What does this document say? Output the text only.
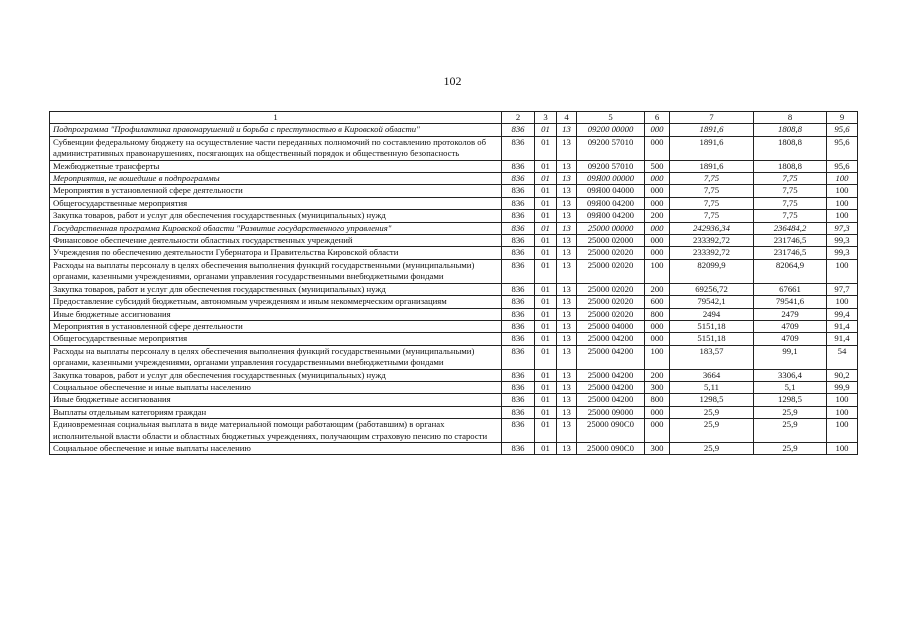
102
1	2	3	4	5	6	7	8	9
Подпрограмма "Профилактика правонарушений и борьба с преступностью в Кировской области"	836	01	13	09200 00000	000	1891,6	1808,8	95,6
Субвенции федеральному бюджету на осуществление части переданных полномочий по составлению протоколов об административных правонарушениях, посягающих на общественный порядок и общественную безопасность	836	01	13	09200 57010	000	1891,6	1808,8	95,6
Межбюджетные трансферты	836	01	13	09200 57010	500	1891,6	1808,8	95,6
Мероприятия, не вошедшие в подпрограммы	836	01	13	09Я00 00000	000	7,75	7,75	100
Мероприятия в установленной сфере деятельности	836	01	13	09Я00 04000	000	7,75	7,75	100
Общегосударственные мероприятия	836	01	13	09Я00 04200	000	7,75	7,75	100
Закупка товаров, работ и услуг для обеспечения государственных (муниципальных) нужд	836	01	13	09Я00 04200	200	7,75	7,75	100
Государственная программа Кировской области "Развитие государственного управления"	836	01	13	25000 00000	000	242936,34	236484,2	97,3
Финансовое обеспечение деятельности областных государственных учреждений	836	01	13	25000 02000	000	233392,72	231746,5	99,3
Учреждения по обеспечению деятельности Губернатора и Правительства Кировской области	836	01	13	25000 02020	000	233392,72	231746,5	99,3
Расходы на выплаты персоналу в целях обеспечения выполнения функций государственными (муниципальными) органами, казенными учреждениями, органами управления государственными внебюджетными фондами	836	01	13	25000 02020	100	82099,9	82064,9	100
Закупка товаров, работ и услуг для обеспечения государственных (муниципальных) нужд	836	01	13	25000 02020	200	69256,72	67661	97,7
Предоставление субсидий бюджетным, автономным учреждениям и иным некоммерческим организациям	836	01	13	25000 02020	600	79542,1	79541,6	100
Иные бюджетные ассигнования	836	01	13	25000 02020	800	2494	2479	99,4
Мероприятия в установленной сфере деятельности	836	01	13	25000 04000	000	5151,18	4709	91,4
Общегосударственные мероприятия	836	01	13	25000 04200	000	5151,18	4709	91,4
Расходы на выплаты персоналу в целях обеспечения выполнения функций государственными (муниципальными) органами, казенными учреждениями, органами управления государственными внебюджетными фондами	836	01	13	25000 04200	100	183,57	99,1	54
Закупка товаров, работ и услуг для обеспечения государственных (муниципальных) нужд	836	01	13	25000 04200	200	3664	3306,4	90,2
Социальное обеспечение и иные выплаты населению	836	01	13	25000 04200	300	5,11	5,1	99,9
Иные бюджетные ассигнования	836	01	13	25000 04200	800	1298,5	1298,5	100
Выплаты отдельным категориям граждан	836	01	13	25000 09000	000	25,9	25,9	100
Единовременная социальная выплата в виде материальной помощи работающим (работавшим) в органах исполнительной власти области и областных бюджетных учреждениях, получающим страховую пенсию по старости	836	01	13	25000 090С0	000	25,9	25,9	100
Социальное обеспечение и иные выплаты населению	836	01	13	25000 090С0	300	25,9	25,9	100
